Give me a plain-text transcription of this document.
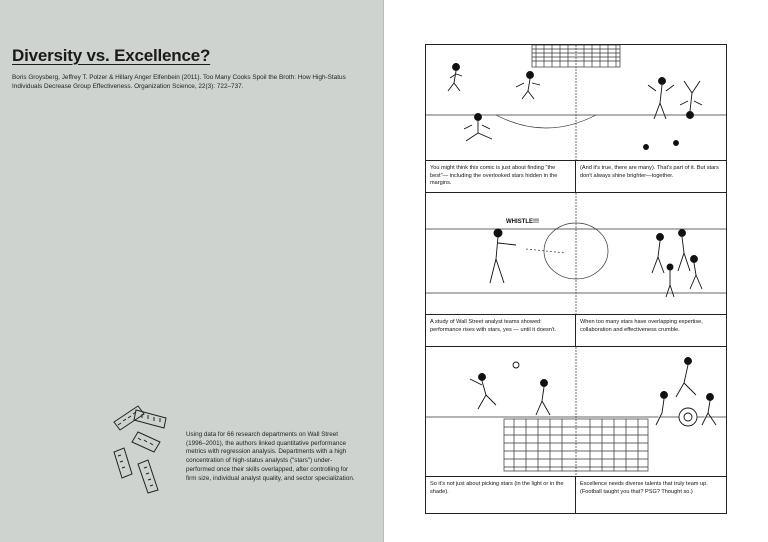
Diversity vs. Excellence?

Boris Groysberg, Jeffrey T. Polzer & Hillary Anger Elfenbein (2011). Too Many Cooks Spoil the Broth: How High-Status Individuals Decrease Group Effectiveness. Organization Science, 22(3): 722–737.

Using data for 66 research departments on Wall Street (1996–2001), the authors linked quantitative performance metrics with regression analysis. Departments with a high concentration of high-status analysts ("stars") under-performed once their skills overlapped, after controlling for firm size, individual analyst quality, and sector specialization.

You might think this comic is just about finding "the best"— including the overlooked stars hidden in the margins.
(And it's true, there are many). That's part of it. But stars don't always shine brighter—together.
WHISTLE!!!
A study of Wall Street analyst teams showed: performance rises with stars, yes — until it doesn't.
When too many stars have overlapping expertise, collaboration and effectiveness crumble.
So it's not just about picking stars (in the light or in the shade).
Excellence needs diverse talents that truly team up. (Football taught you that? PSG? Thought so.)
